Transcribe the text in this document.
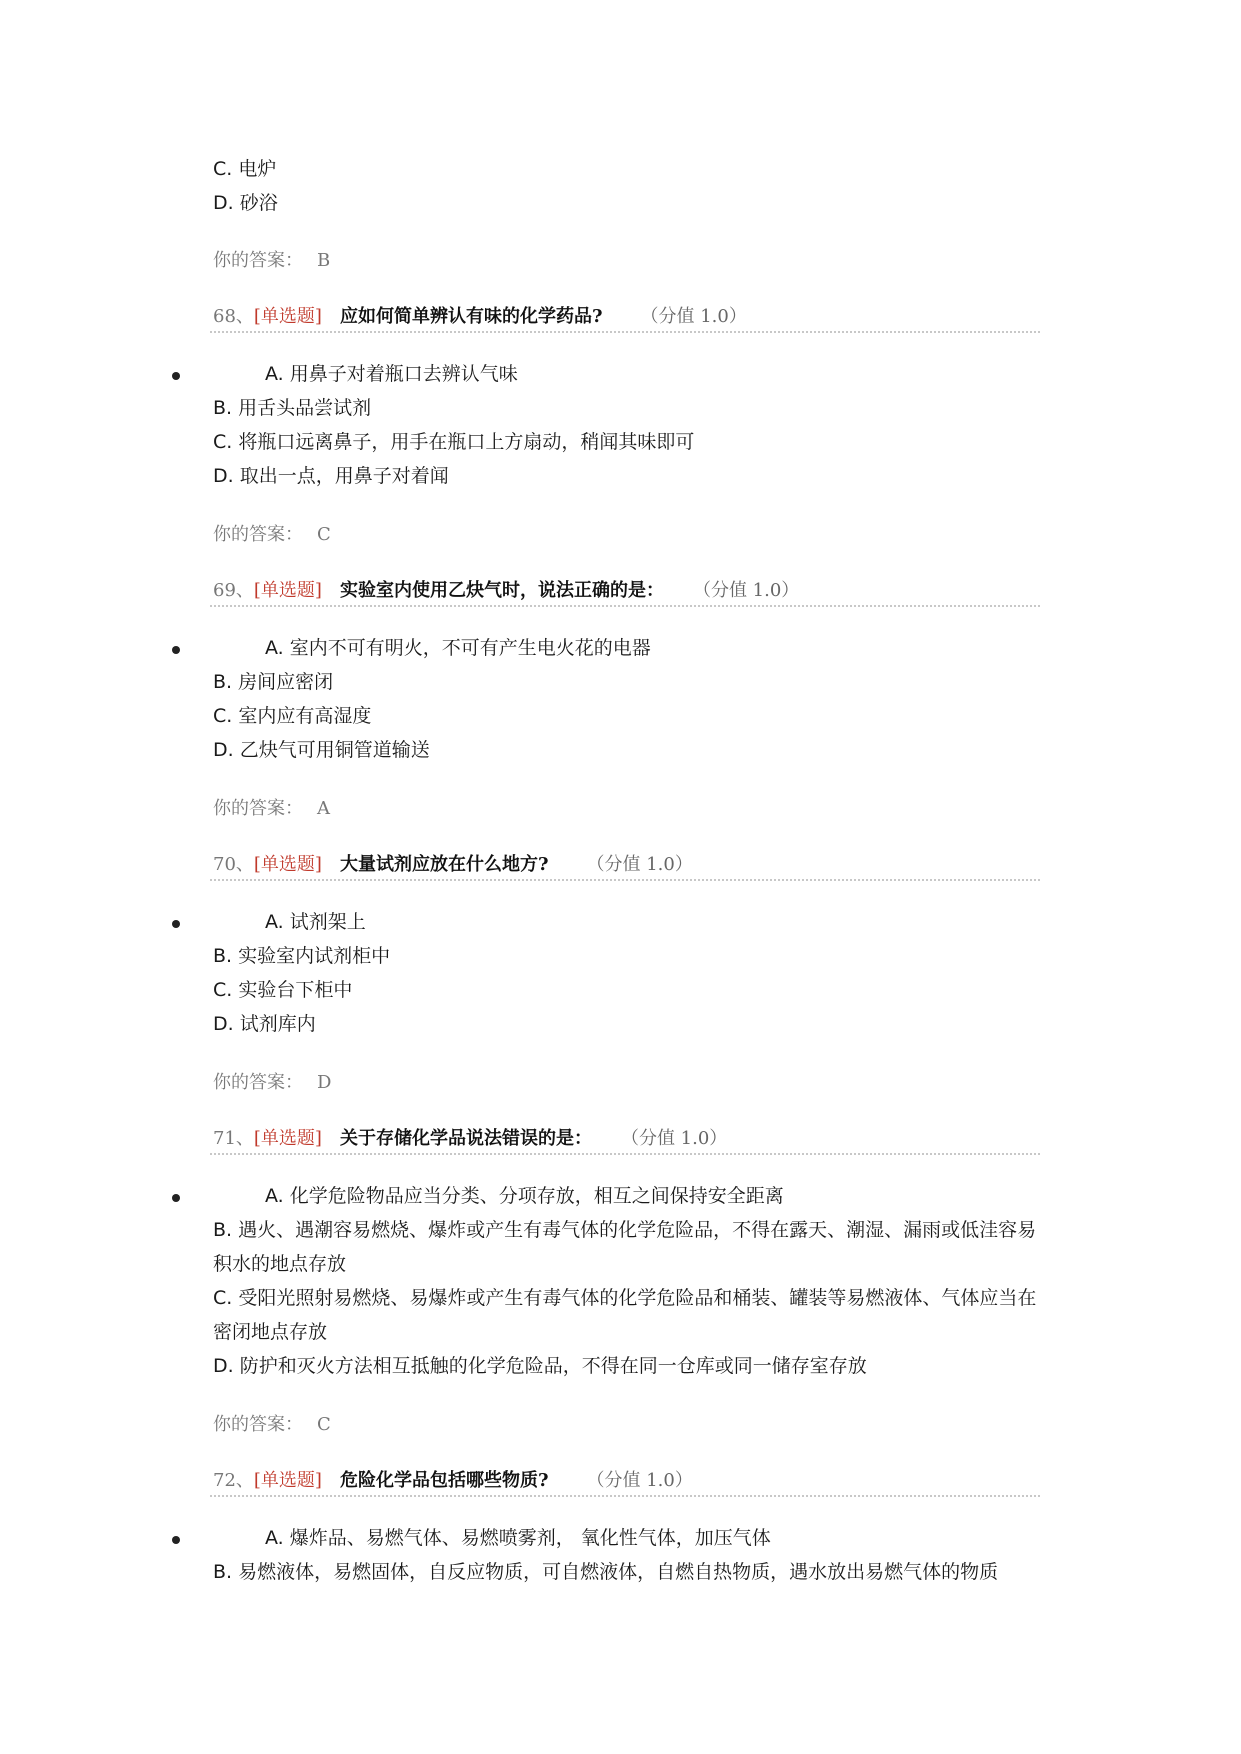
C. 电炉
D. 砂浴
你的答案： B
68、[单选题] 应如何简单辨认有味的化学药品? （分值 1.0）
A. 用鼻子对着瓶口去辨认气味
B. 用舌头品尝试剂
C. 将瓶口远离鼻子，用手在瓶口上方扇动，稍闻其味即可
D. 取出一点，用鼻子对着闻
你的答案： C
69、[单选题] 实验室内使用乙炔气时，说法正确的是： （分值 1.0）
A. 室内不可有明火，不可有产生电火花的电器
B. 房间应密闭
C. 室内应有高湿度
D. 乙炔气可用铜管道输送
你的答案： A
70、[单选题] 大量试剂应放在什么地方? （分值 1.0）
A. 试剂架上
B. 实验室内试剂柜中
C. 实验台下柜中
D. 试剂库内
你的答案： D
71、[单选题] 关于存储化学品说法错误的是： （分值 1.0）
A. 化学危险物品应当分类、分项存放，相互之间保持安全距离
B. 遇火、遇潮容易燃烧、爆炸或产生有毒气体的化学危险品，不得在露天、潮湿、漏雨或低洼容易积水的地点存放
C. 受阳光照射易燃烧、易爆炸或产生有毒气体的化学危险品和桶装、罐装等易燃液体、气体应当在密闭地点存放
D. 防护和灭火方法相互抵触的化学危险品，不得在同一仓库或同一储存室存放
你的答案： C
72、[单选题] 危险化学品包括哪些物质? （分值 1.0）
A. 爆炸品、易燃气体、易燃喷雾剂， 氧化性气体，加压气体
B. 易燃液体，易燃固体，自反应物质，可自燃液体，自燃自热物质，遇水放出易燃气体的物质
